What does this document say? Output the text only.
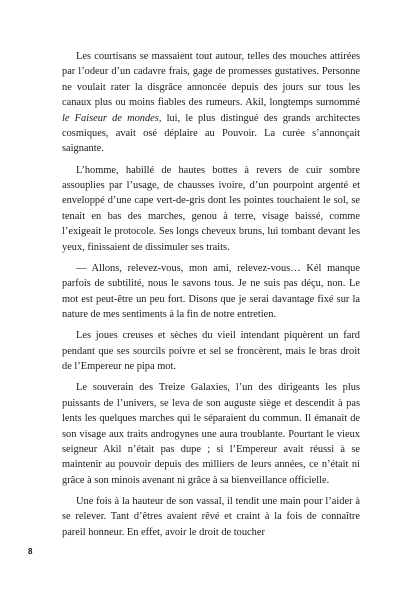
Les courtisans se massaient tout autour, telles des mouches attirées par l’odeur d’un cadavre frais, gage de promesses gustatives. Personne ne voulait rater la disgrâce annoncée depuis des jours sur tous les canaux plus ou moins fiables des rumeurs. Akil, longtemps surnommé le Faiseur de mondes, lui, le plus distingué des grands architectes cosmiques, avait osé déplaire au Pouvoir. La curée s’annonçait saignante.

L’homme, habillé de hautes bottes à revers de cuir sombre assouplies par l’usage, de chausses ivoire, d’un pourpoint argenté et enveloppé d’une cape vert-de-gris dont les pointes touchaient le sol, se tenait en bas des marches, genou à terre, visage baissé, comme l’exigeait le protocole. Ses longs cheveux bruns, lui tombant devant les yeux, finissaient de dissimuler ses traits.

— Allons, relevez-vous, mon ami, relevez-vous… Kél manque parfois de subtilité, nous le savons tous. Je ne suis pas déçu, non. Le mot est peut-être un peu fort. Disons que je serai davantage fixé sur la nature de mes sentiments à la fin de notre entretien.

Les joues creuses et sèches du vieil intendant piquèrent un fard pendant que ses sourcils poivre et sel se froncèrent, mais le bras droit de l’Empereur ne pipa mot.

Le souverain des Treize Galaxies, l’un des dirigeants les plus puissants de l’univers, se leva de son auguste siège et descendit à pas lents les quelques marches qui le séparaient du commun. Il émanait de son visage aux traits androgynes une aura troublante. Pourtant le vieux seigneur Akil n’était pas dupe ; si l’Empereur avait réussi à se maintenir au pouvoir depuis des milliers de leurs années, ce n’était ni grâce à son minois avenant ni grâce à sa bienveillance officielle.

Une fois à la hauteur de son vassal, il tendit une main pour l’aider à se relever. Tant d’êtres avaient rêvé et craint à la fois de connaître pareil honneur. En effet, avoir le droit de toucher

8
